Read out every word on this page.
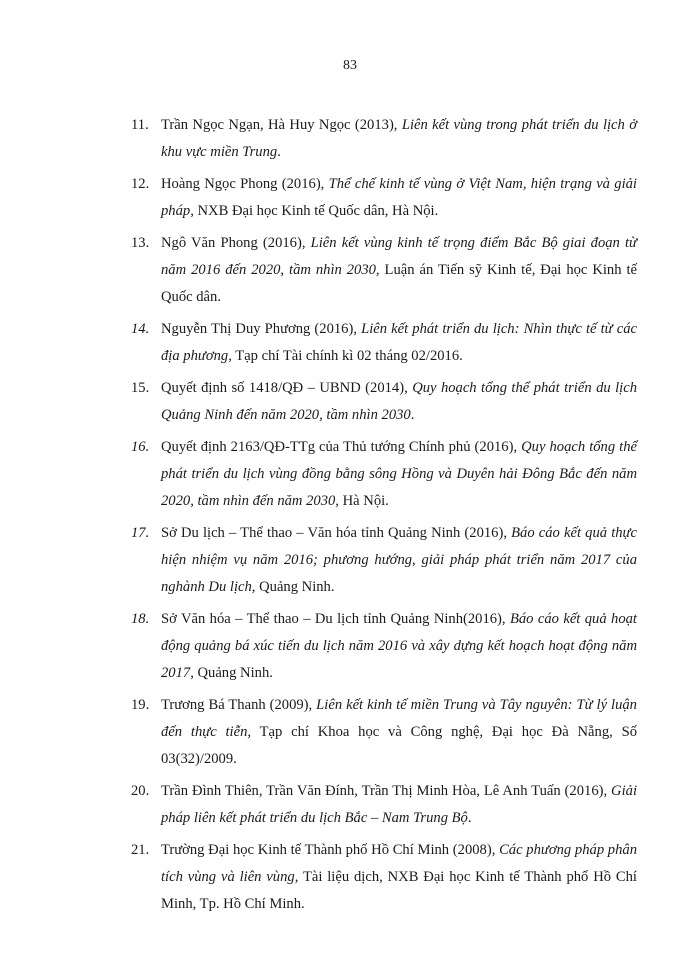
83
11. Trần Ngọc Ngạn, Hà Huy Ngọc (2013), Liên kết vùng trong phát triển du lịch ở khu vực miền Trung.
12. Hoàng Ngọc Phong (2016), Thể chế kinh tế vùng ở Việt Nam, hiện trạng và giải pháp, NXB Đại học Kinh tế Quốc dân, Hà Nội.
13. Ngô Văn Phong (2016), Liên kết vùng kinh tế trọng điểm Bắc Bộ giai đoạn từ năm 2016 đến 2020, tầm nhìn 2030, Luận án Tiến sỹ Kinh tế, Đại học Kinh tế Quốc dân.
14. Nguyễn Thị Duy Phương (2016), Liên kết phát triển du lịch: Nhìn thực tế từ các địa phương, Tạp chí Tài chính kì 02 tháng 02/2016.
15. Quyết định số 1418/QĐ – UBND (2014), Quy hoạch tổng thể phát triển du lịch Quảng Ninh đến năm 2020, tầm nhìn 2030.
16. Quyết định 2163/QĐ-TTg của Thủ tướng Chính phủ (2016), Quy hoạch tổng thể phát triển du lịch vùng đồng bằng sông Hồng và Duyên hải Đông Bắc đến năm 2020, tầm nhìn đến năm 2030, Hà Nội.
17. Sở Du lịch – Thể thao – Văn hóa tỉnh Quảng Ninh (2016), Báo cáo kết quả thực hiện nhiệm vụ năm 2016; phương hướng, giải pháp phát triển năm 2017 của nghành Du lịch, Quảng Ninh.
18. Sở Văn hóa – Thể thao – Du lịch tỉnh Quảng Ninh(2016), Báo cáo kết quả hoạt động quảng bá xúc tiến du lịch năm 2016 và xây dựng kết hoạch hoạt động năm 2017, Quảng Ninh.
19. Trương Bá Thanh (2009), Liên kết kinh tế miền Trung và Tây nguyên: Từ lý luận đến thực tiễn, Tạp chí Khoa học và Công nghệ, Đại học Đà Nẵng, Số 03(32)/2009.
20. Trần Đình Thiên, Trần Văn Đính, Trần Thị Minh Hòa, Lê Anh Tuấn (2016), Giải pháp liên kết phát triển du lịch Bắc – Nam Trung Bộ.
21. Trường Đại học Kinh tế Thành phố Hồ Chí Minh (2008), Các phương pháp phân tích vùng và liên vùng, Tài liệu dịch, NXB Đại học Kinh tế Thành phố Hồ Chí Minh, Tp. Hồ Chí Minh.
